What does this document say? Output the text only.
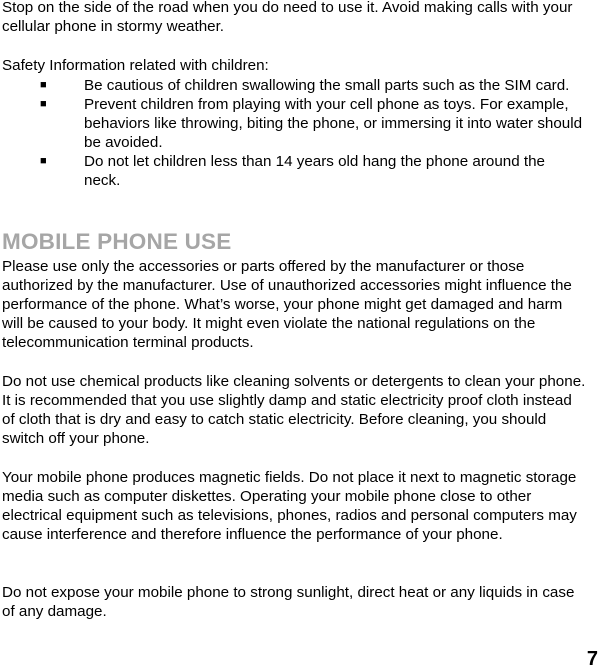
Stop on the side of the road when you do need to use it. Avoid making calls with your cellular phone in stormy weather.

Safety Information related with children:

■ Be cautious of children swallowing the small parts such as the SIM card.
■ Prevent children from playing with your cell phone as toys. For example, behaviors like throwing, biting the phone, or immersing it into water should be avoided.
■ Do not let children less than 14 years old hang the phone around the neck.
MOBILE PHONE USE

Please use only the accessories or parts offered by the manufacturer or those authorized by the manufacturer. Use of unauthorized accessories might influence the performance of the phone. What’s worse, your phone might get damaged and harm will be caused to your body. It might even violate the national regulations on the telecommunication terminal products.

Do not use chemical products like cleaning solvents or detergents to clean your phone. It is recommended that you use slightly damp and static electricity proof cloth instead of cloth that is dry and easy to catch static electricity. Before cleaning, you should switch off your phone.

Your mobile phone produces magnetic fields. Do not place it next to magnetic storage media such as computer diskettes. Operating your mobile phone close to other electrical equipment such as televisions, phones, radios and personal computers may cause interference and therefore influence the performance of your phone.

Do not expose your mobile phone to strong sunlight, direct heat or any liquids in case of any damage.

7
